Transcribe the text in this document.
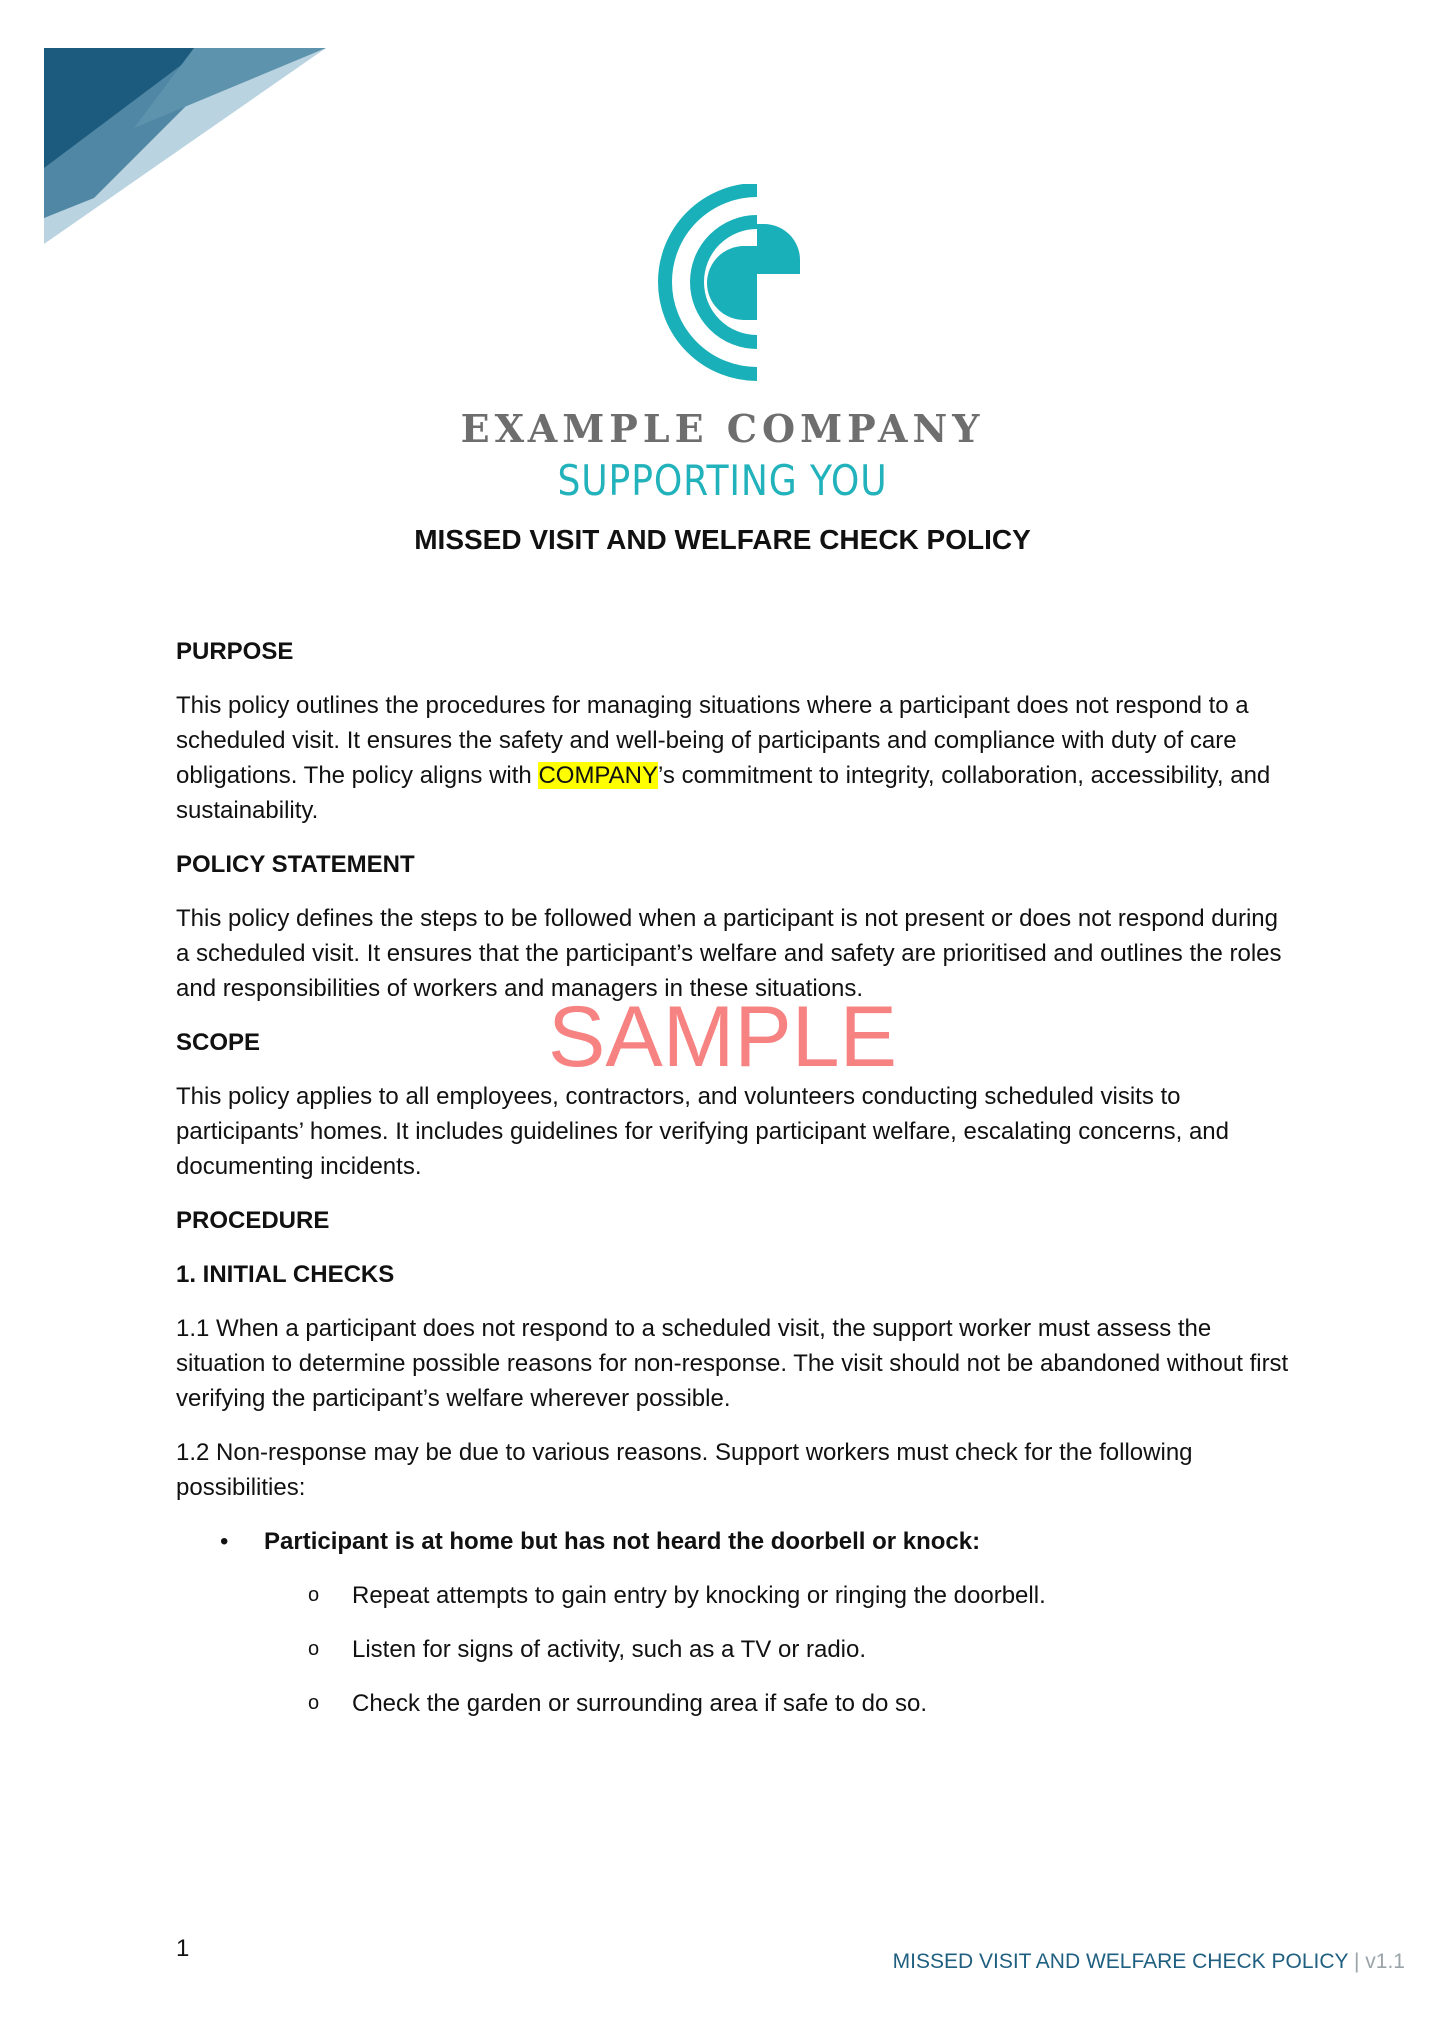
EXAMPLE COMPANY
SUPPORTING YOU
MISSED VISIT AND WELFARE CHECK POLICY
PURPOSE
This policy outlines the procedures for managing situations where a participant does not respond to a scheduled visit. It ensures the safety and well-being of participants and compliance with duty of care obligations. The policy aligns with COMPANY’s commitment to integrity, collaboration, accessibility, and sustainability.
POLICY STATEMENT
This policy defines the steps to be followed when a participant is not present or does not respond during a scheduled visit. It ensures that the participant’s welfare and safety are prioritised and outlines the roles and responsibilities of workers and managers in these situations.
SCOPE
This policy applies to all employees, contractors, and volunteers conducting scheduled visits to participants’ homes. It includes guidelines for verifying participant welfare, escalating concerns, and documenting incidents.
PROCEDURE
1. INITIAL CHECKS
1.1 When a participant does not respond to a scheduled visit, the support worker must assess the situation to determine possible reasons for non-response. The visit should not be abandoned without first verifying the participant’s welfare wherever possible.
1.2 Non-response may be due to various reasons. Support workers must check for the following possibilities:
• Participant is at home but has not heard the doorbell or knock:
o Repeat attempts to gain entry by knocking or ringing the doorbell.
o Listen for signs of activity, such as a TV or radio.
o Check the garden or surrounding area if safe to do so.
SAMPLE
1	MISSED VISIT AND WELFARE CHECK POLICY | v1.1
